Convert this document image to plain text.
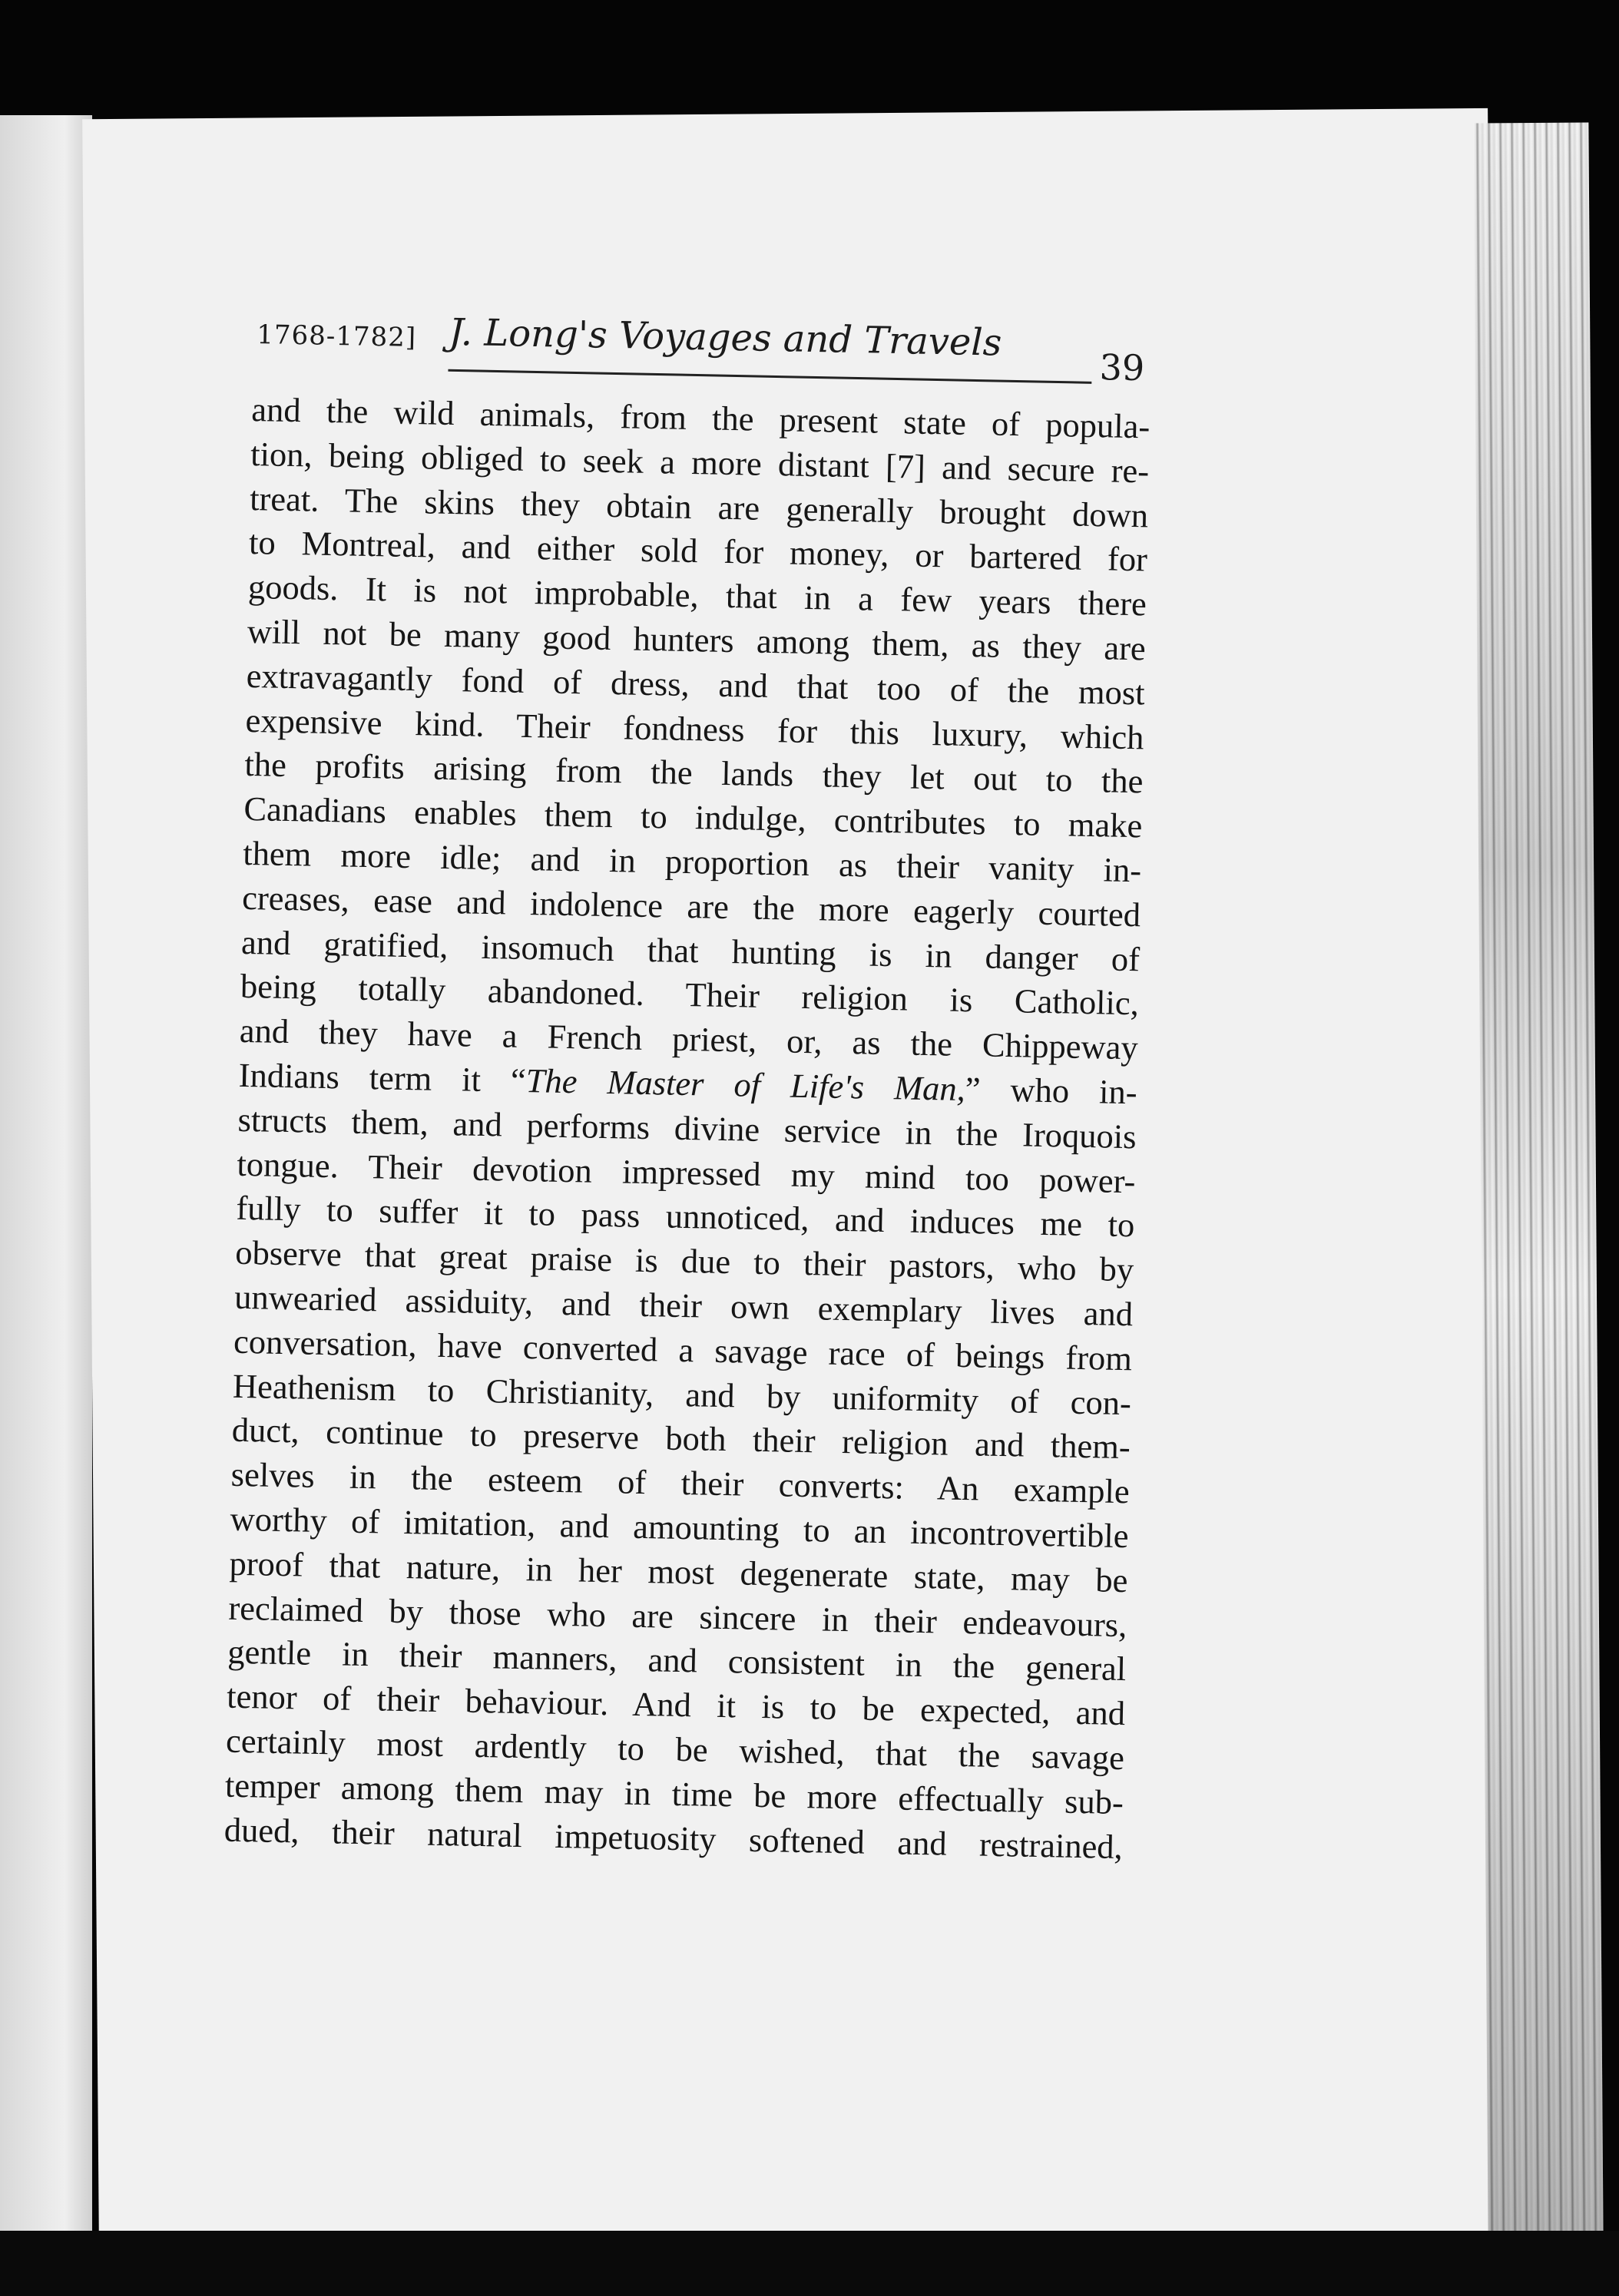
1768-1782] J. Long's Voyages and Travels
39
and the wild animals, from the present state of popula-
tion, being obliged to seek a more distant [7] and secure re-
treat. The skins they obtain are generally brought down
to Montreal, and either sold for money, or bartered for
goods. It is not improbable, that in a few years there
will not be many good hunters among them, as they are
extravagantly fond of dress, and that too of the most
expensive kind. Their fondness for this luxury, which
the profits arising from the lands they let out to the
Canadians enables them to indulge, contributes to make
them more idle; and in proportion as their vanity in-
creases, ease and indolence are the more eagerly courted
and gratified, insomuch that hunting is in danger of
being totally abandoned. Their religion is Catholic,
and they have a French priest, or, as the Chippeway
Indians term it “The Master of Life's Man,” who in-
structs them, and performs divine service in the Iroquois
tongue. Their devotion impressed my mind too power-
fully to suffer it to pass unnoticed, and induces me to
observe that great praise is due to their pastors, who by
unwearied assiduity, and their own exemplary lives and
conversation, have converted a savage race of beings from
Heathenism to Christianity, and by uniformity of con-
duct, continue to preserve both their religion and them-
selves in the esteem of their converts: An example
worthy of imitation, and amounting to an incontrovertible
proof that nature, in her most degenerate state, may be
reclaimed by those who are sincere in their endeavours,
gentle in their manners, and consistent in the general
tenor of their behaviour. And it is to be expected, and
certainly most ardently to be wished, that the savage
temper among them may in time be more effectually sub-
dued, their natural impetuosity softened and restrained,
